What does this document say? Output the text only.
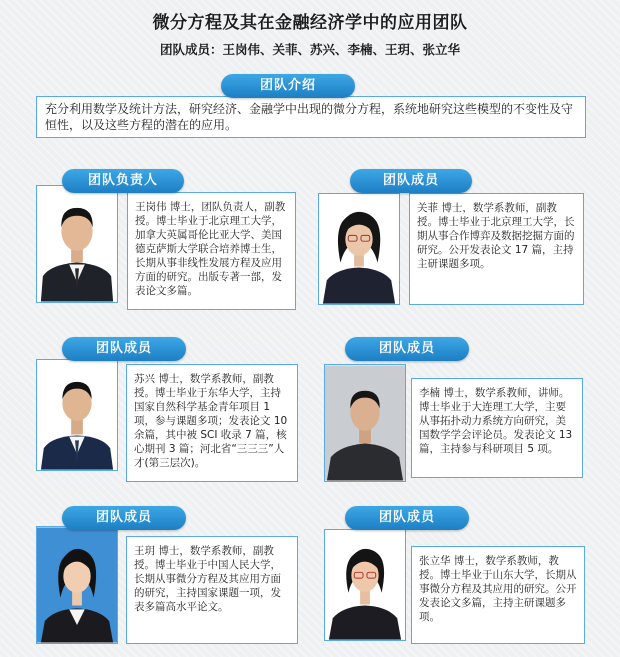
微分方程及其在金融经济学中的应用团队
团队成员：王岗伟、关菲、苏兴、李楠、王玥、张立华
团队介绍
充分利用数学及统计方法，研究经济、金融学中出现的微分方程，系统地研究这些模型的不变性及守恒性，以及这些方程的潜在的应用。
团队负责人
王岗伟 博士，团队负责人，副教授。博士毕业于北京理工大学，加拿大英属哥伦比亚大学、美国德克萨斯大学联合培养博士生，长期从事非线性发展方程及应用方面的研究。出版专著一部，发表论文多篇。
团队成员
关菲 博士，数学系教师，副教授。博士毕业于北京理工大学，长期从事合作博弈及数据挖掘方面的研究。公开发表论文 17 篇，主持主研课题多项。
团队成员
苏兴 博士，数学系教师，副教授。博士毕业于东华大学，主持国家自然科学基金青年项目 1 项，参与课题多项；发表论文 10 余篇，其中被 SCI 收录 7 篇，核心期刊 3 篇；河北省“三三三”人才(第三层次)。
团队成员
李楠 博士，数学系教师，讲师。博士毕业于大连理工大学，主要从事拓扑动力系统方向研究，美国数学学会评论员。发表论文 13 篇，主持参与科研项目 5 项。
团队成员
王玥 博士，数学系教师，副教授。博士毕业于中国人民大学，长期从事微分方程及其应用方面的研究，主持国家课题一项，发表多篇高水平论文。
团队成员
张立华 博士，数学系教师，教授。博士毕业于山东大学，长期从事微分方程及其应用的研究。公开发表论文多篇，主持主研课题多项。
